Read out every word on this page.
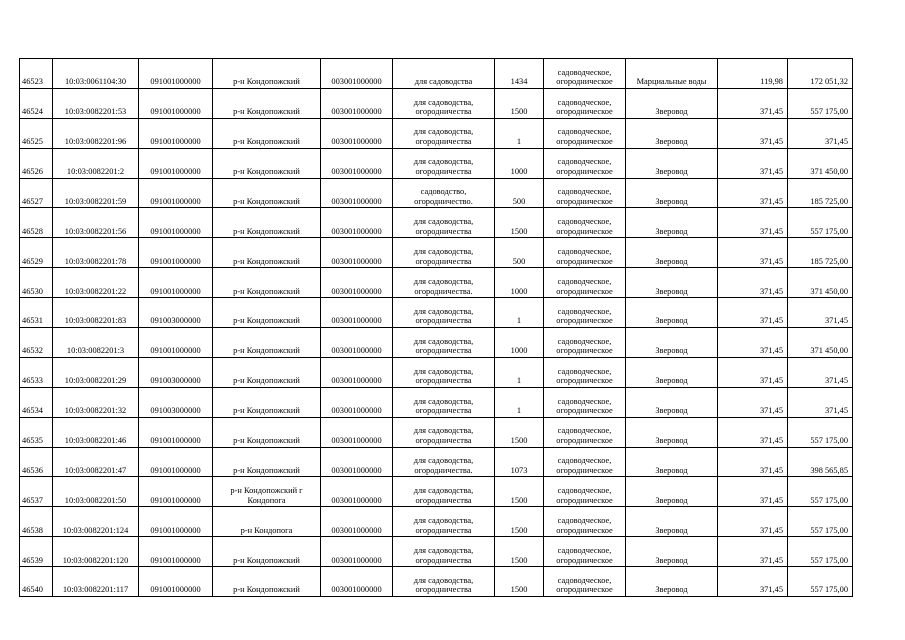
46523	10:03:0061104:30	091001000000	р-н Кондопожский	003001000000	для садоводства	1434	садоводческое, огородническое	Марциальные воды	119,98	172 051,32
46524	10:03:0082201:53	091001000000	р-н Кондопожский	003001000000	для садоводства, огородничества	1500	садоводческое, огородническое	Зверовод	371,45	557 175,00
46525	10:03:0082201:96	091001000000	р-н Кондопожский	003001000000	для садоводства, огородничества	1	садоводческое, огородническое	Зверовод	371,45	371,45
46526	10:03:0082201:2	091001000000	р-н Кондопожский	003001000000	для садоводства, огородничества	1000	садоводческое, огородническое	Зверовод	371,45	371 450,00
46527	10:03:0082201:59	091001000000	р-н Кондопожский	003001000000	садоводство, огородничество.	500	садоводческое, огородническое	Зверовод	371,45	185 725,00
46528	10:03:0082201:56	091001000000	р-н Кондопожский	003001000000	для садоводства, огородничества	1500	садоводческое, огородническое	Зверовод	371,45	557 175,00
46529	10:03:0082201:78	091001000000	р-н Кондопожский	003001000000	для садоводства, огородничества	500	садоводческое, огородническое	Зверовод	371,45	185 725,00
46530	10:03:0082201:22	091001000000	р-н Кондопожский	003001000000	для садоводства, огородничества.	1000	садоводческое, огородническое	Зверовод	371,45	371 450,00
46531	10:03:0082201:83	091003000000	р-н Кондопожский	003001000000	для садоводства, огородничества	1	садоводческое, огородническое	Зверовод	371,45	371,45
46532	10:03:0082201:3	091001000000	р-н Кондопожский	003001000000	для садоводства, огородничества	1000	садоводческое, огородническое	Зверовод	371,45	371 450,00
46533	10:03:0082201:29	091003000000	р-н Кондопожский	003001000000	для садоводства, огородничества	1	садоводческое, огородническое	Зверовод	371,45	371,45
46534	10:03:0082201:32	091003000000	р-н Кондопожский	003001000000	для садоводства, огородничества	1	садоводческое, огородническое	Зверовод	371,45	371,45
46535	10:03:0082201:46	091001000000	р-н Кондопожский	003001000000	для садоводства, огородничества	1500	садоводческое, огородническое	Зверовод	371,45	557 175,00
46536	10:03:0082201:47	091001000000	р-н Кондопожский	003001000000	для садоводства, огородничества.	1073	садоводческое, огородническое	Зверовод	371,45	398 565,85
46537	10:03:0082201:50	091001000000	р-н Кондопожский г Кондопога	003001000000	для садоводства, огородничества	1500	садоводческое, огородническое	Зверовод	371,45	557 175,00
46538	10:03:0082201:124	091001000000	р-н Кондопога	003001000000	для садоводства, огородничества	1500	садоводческое, огородническое	Зверовод	371,45	557 175,00
46539	10:03:0082201:120	091001000000	р-н Кондопожский	003001000000	для садоводства, огородничества	1500	садоводческое, огородническое	Зверовод	371,45	557 175,00
46540	10:03:0082201:117	091001000000	р-н Кондопожский	003001000000	для садоводства, огородничества	1500	садоводческое, огородническое	Зверовод	371,45	557 175,00
